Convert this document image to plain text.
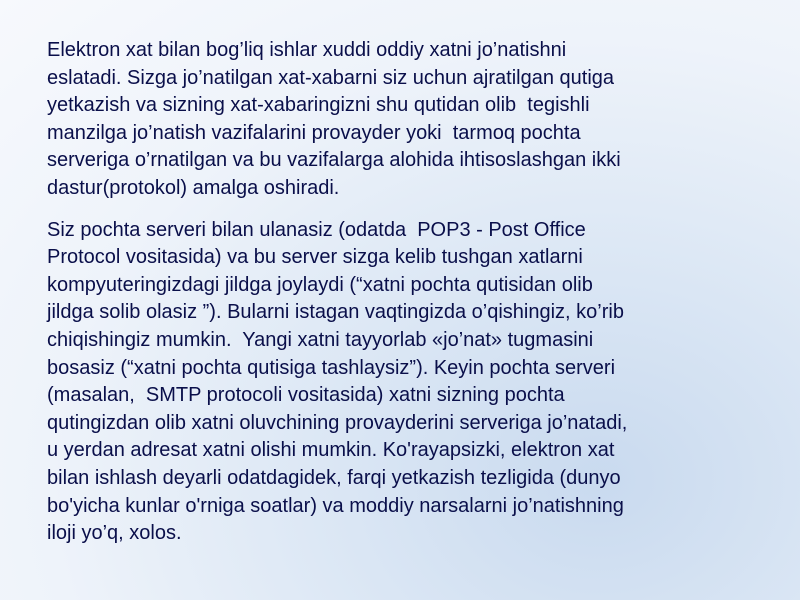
Elektron xat bilan bog’liq ishlar xuddi oddiy xatni jo’natishni
eslatadi. Sizga jo’natilgan xat-xabarni siz uchun ajratilgan qutiga
yetkazish va sizning xat-xabaringizni shu qutidan olib  tegishli
manzilga jo’natish vazifalarini provayder yoki  tarmoq pochta
serveriga o’rnatilgan va bu vazifalarga alohida ihtisoslashgan ikki
dastur(protokol) amalga oshiradi.

Siz pochta serveri bilan ulanasiz (odatda  POP3 - Post Office
Protocol vositasida) va bu server sizga kelib tushgan xatlarni
kompyuteringizdagi jildga joylaydi (“xatni pochta qutisidan olib
jildga solib olasiz ”). Bularni istagan vaqtingizda o’qishingiz, ko’rib
chiqishingiz mumkin.  Yangi xatni tayyorlab «jo’nat» tugmasini
bosasiz (“xatni pochta qutisiga tashlaysiz”). Keyin pochta serveri
(masalan,  SMTP protocoli vositasida) xatni sizning pochta
qutingizdan olib xatni oluvchining provayderini serveriga jo’natadi,
u yerdan adresat xatni olishi mumkin. Ko'rayapsizki, elektron xat
bilan ishlash deyarli odatdagidek, farqi yetkazish tezligida (dunyo
bo'yicha kunlar o'rniga soatlar) va moddiy narsalarni jo’natishning
iloji yo’q, xolos.
